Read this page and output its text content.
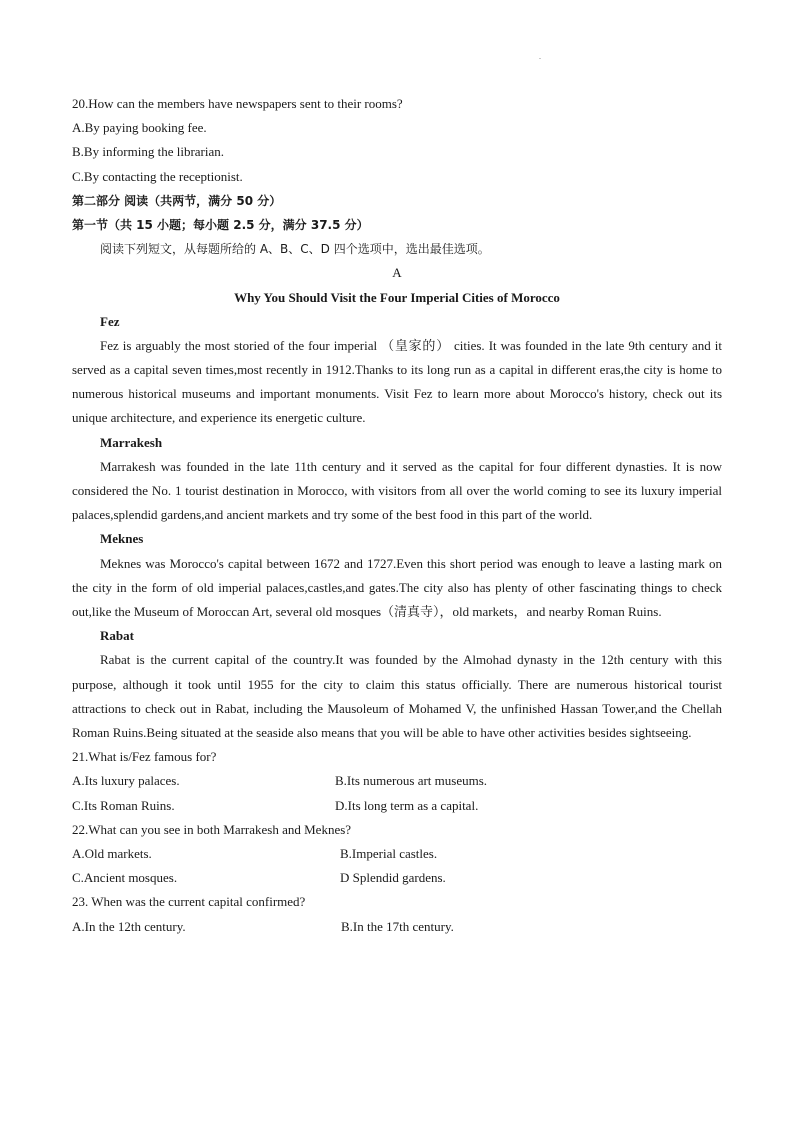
.
20.How can the members have newspapers sent to their rooms?
A.By paying booking fee.
B.By informing the librarian.
C.By contacting the receptionist.
第二部分 阅读（共两节，满分 50 分）
第一节（共 15 小题；每小题 2.5 分，满分 37.5 分）
阅读下列短文，从每题所给的 A、B、C、D 四个选项中，选出最佳选项。
A
Why You Should Visit the Four Imperial Cities of Morocco
Fez
Fez is arguably the most storied of the four imperial （皇家的） cities. It was founded in the late 9th century and it served as a capital seven times,most recently in 1912.Thanks to its long run as a capital in different eras,the city is home to numerous historical museums and important monuments. Visit Fez to learn more about Morocco's history, check out its unique architecture, and experience its energetic culture.
Marrakesh
Marrakesh was founded in the late 11th century and it served as the capital for four different dynasties. It is now considered the No. 1 tourist destination in Morocco, with visitors from all over the world coming to see its luxury imperial palaces,splendid gardens,and ancient markets and try some of the best food in this part of the world.
Meknes
Meknes was Morocco's capital between 1672 and 1727.Even this short period was enough to leave a lasting mark on the city in the form of old imperial palaces,castles,and gates.The city also has plenty of other fascinating things to check out,like the Museum of Moroccan Art, several old mosques（清真寺），old markets，and nearby Roman Ruins.
Rabat
Rabat is the current capital of the country.It was founded by the Almohad dynasty in the 12th century with this purpose, although it took until 1955 for the city to claim this status officially. There are numerous historical tourist attractions to check out in Rabat, including the Mausoleum of Mohamed V, the unfinished Hassan Tower,and the Chellah Roman Ruins.Being situated at the seaside also means that you will be able to have other activities besides sightseeing.
21.What is/Fez famous for?
A.Its luxury palaces.	B.Its numerous art museums.
C.Its Roman Ruins.	D.Its long term as a capital.
22.What can you see in both Marrakesh and Meknes?
A.Old markets.	B.Imperial castles.
C.Ancient mosques.	D Splendid gardens.
23. When was the current capital confirmed?
A.In the 12th century.	B.In the 17th century.
